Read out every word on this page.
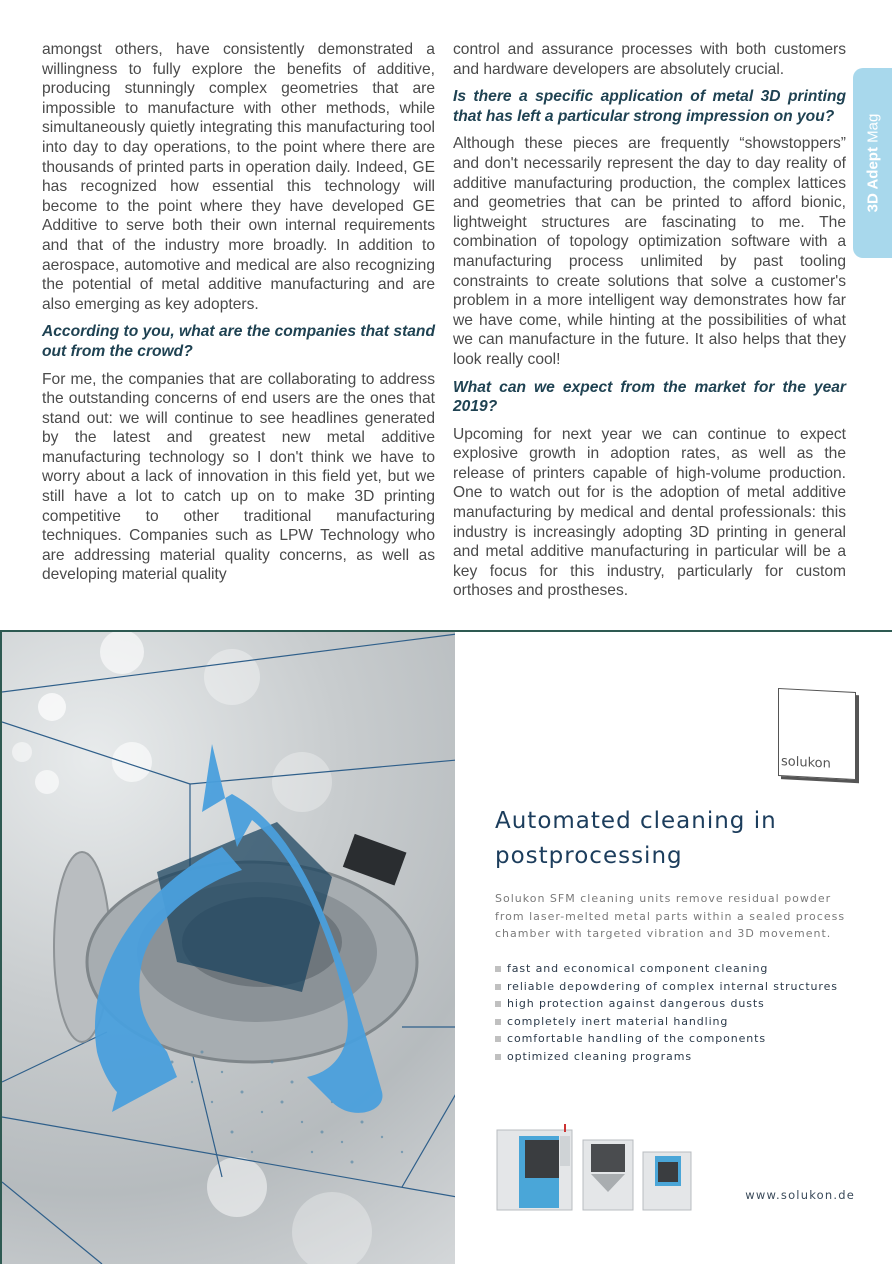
amongst others, have consistently demonstrated a willingness to fully explore the benefits of additive, producing stunningly complex geometries that are impossible to manufacture with other methods, while simultaneously quietly integrating this manufacturing tool into day to day operations, to the point where there are thousands of printed parts in operation daily. Indeed, GE has recognized how essential this technology will become to the point where they have developed GE Additive to serve both their own internal requirements and that of the industry more broadly. In addition to aerospace, automotive and medical are also recognizing the potential of metal additive manufacturing and are also emerging as key adopters.

According to you, what are the companies that stand out from the crowd?

For me, the companies that are collaborating to address the outstanding concerns of end users are the ones that stand out: we will continue to see headlines generated by the latest and greatest new metal additive manufacturing technology so I don't think we have to worry about a lack of innovation in this field yet, but we still have a lot to catch up on to make 3D printing competitive to other traditional manufacturing techniques. Companies such as LPW Technology who are addressing material quality concerns, as well as developing material quality

control and assurance processes with both customers and hardware developers are absolutely crucial.

Is there a specific application of metal 3D printing that has left a particular strong impression on you?

Although these pieces are frequently “showstoppers” and don't necessarily represent the day to day reality of additive manufacturing production, the complex lattices and geometries that can be printed to afford bionic, lightweight structures are fascinating to me. The combination of topology optimization software with a manufacturing process unlimited by past tooling constraints to create solutions that solve a customer's problem in a more intelligent way demonstrates how far we have come, while hinting at the possibilities of what we can manufacture in the future. It also helps that they look really cool!

What can we expect from the market for the year 2019?

Upcoming for next year we can continue to expect explosive growth in adoption rates, as well as the release of printers capable of high-volume production. One to watch out for is the adoption of metal additive manufacturing by medical and dental professionals: this industry is increasingly adopting 3D printing in general and metal additive manufacturing in particular will be a key focus for this industry, particularly for custom orthoses and prostheses.

3D Adept Mag
solukon
Automated cleaning in
postprocessing

Solukon SFM cleaning units remove residual powder from laser-melted metal parts within a sealed process chamber with targeted vibration and 3D movement.

fast and economical component cleaning
reliable depowdering of complex internal structures
high protection against dangerous dusts
completely inert material handling
comfortable handling of the components
optimized cleaning programs
www.solukon.de
